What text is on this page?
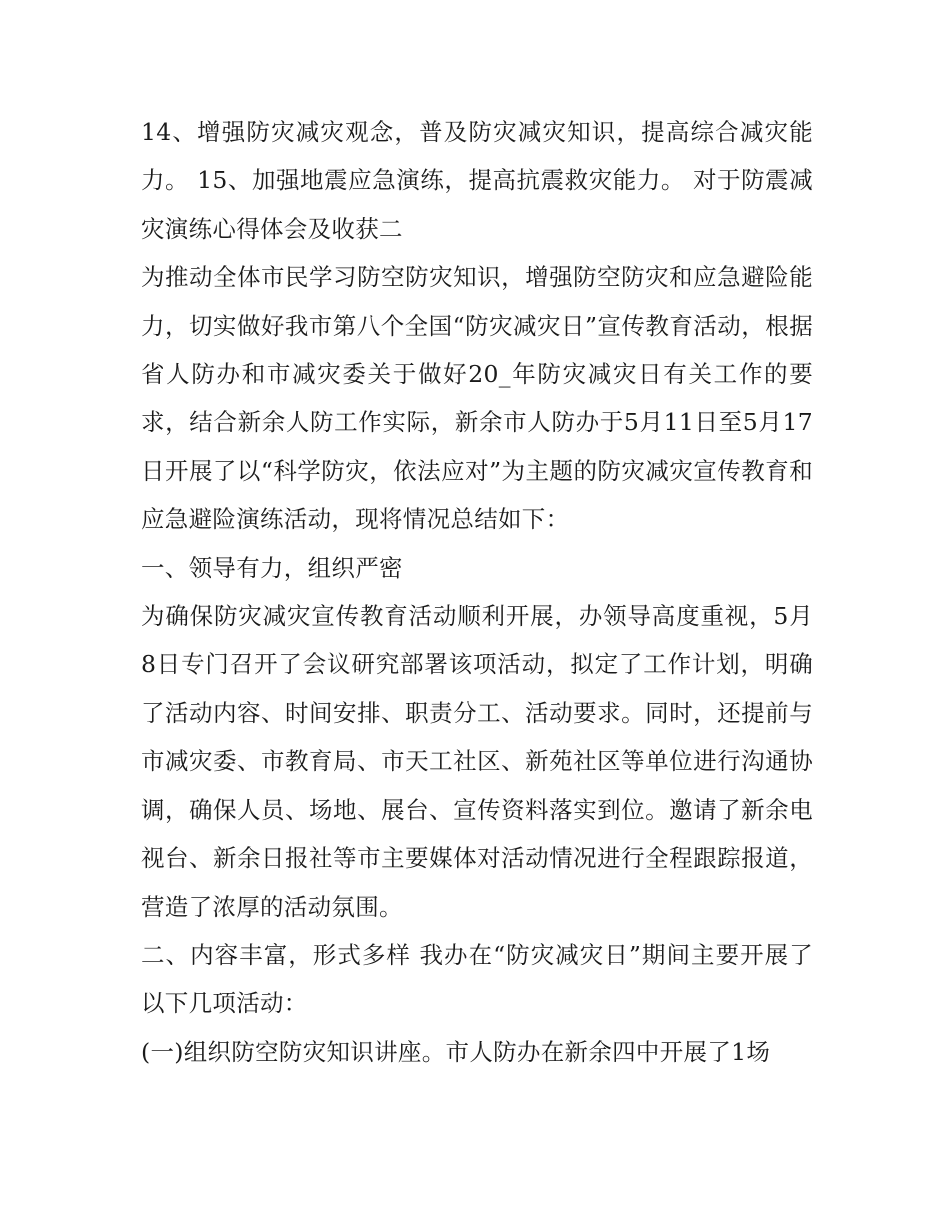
14、增强防灾减灾观念，普及防灾减灾知识，提高综合减灾能力。 15、加强地震应急演练，提高抗震救灾能力。 对于防震减灾演练心得体会及收获二

为推动全体市民学习防空防灾知识，增强防空防灾和应急避险能力，切实做好我市第八个全国“防灾减灾日”宣传教育活动，根据省人防办和市减灾委关于做好20_年防灾减灾日有关工作的要求，结合新余人防工作实际，新余市人防办于5月11日至5月17日开展了以“科学防灾，依法应对”为主题的防灾减灾宣传教育和应急避险演练活动，现将情况总结如下：

一、领导有力，组织严密

为确保防灾减灾宣传教育活动顺利开展，办领导高度重视，5月8日专门召开了会议研究部署该项活动，拟定了工作计划，明确了活动内容、时间安排、职责分工、活动要求。同时，还提前与市减灾委、市教育局、市天工社区、新苑社区等单位进行沟通协调，确保人员、场地、展台、宣传资料落实到位。邀请了新余电视台、新余日报社等市主要媒体对活动情况进行全程跟踪报道，营造了浓厚的活动氛围。

二、内容丰富，形式多样 我办在“防灾减灾日”期间主要开展了以下几项活动：

(一)组织防空防灾知识讲座。市人防办在新余四中开展了1场
